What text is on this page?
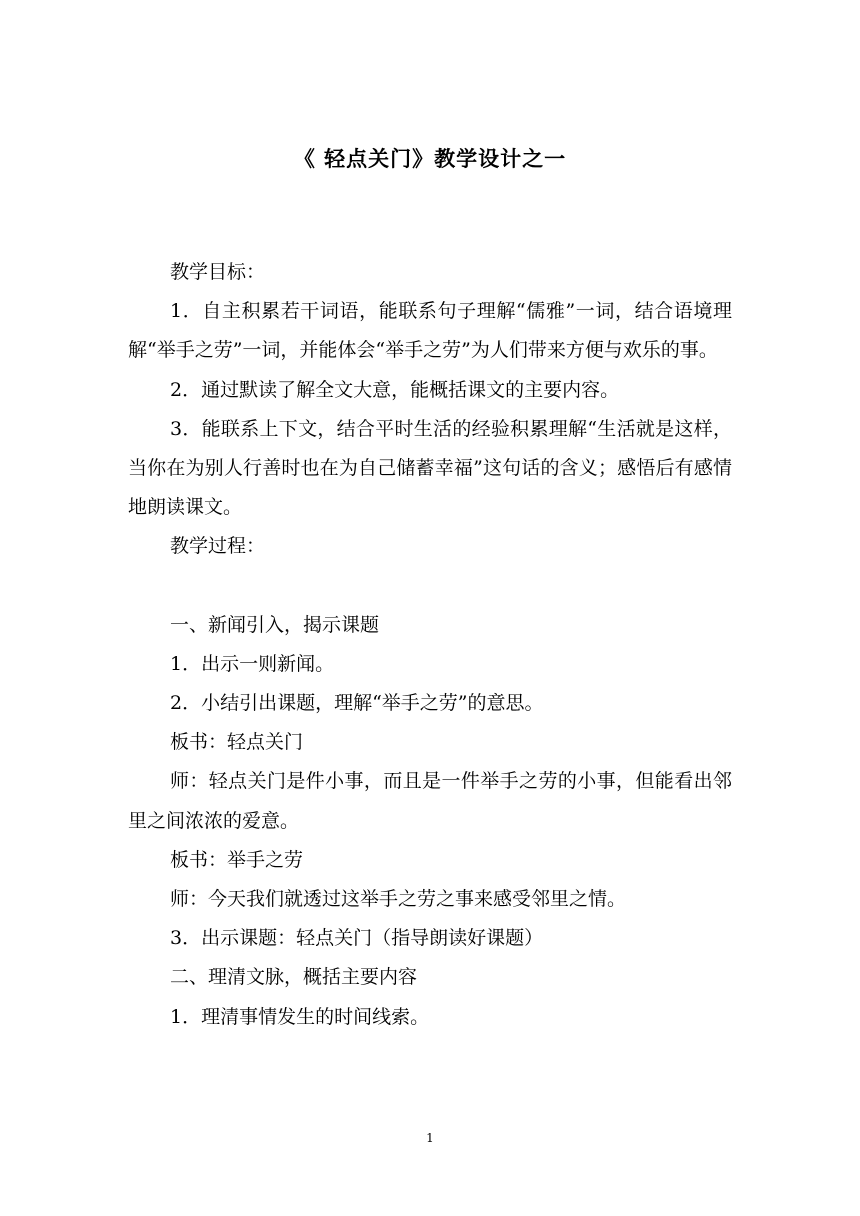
《 轻点关门》教学设计之一

教学目标：

1．自主积累若干词语，能联系句子理解“儒雅”一词，结合语境理解“举手之劳”一词，并能体会“举手之劳”为人们带来方便与欢乐的事。

2．通过默读了解全文大意，能概括课文的主要内容。

3．能联系上下文，结合平时生活的经验积累理解“生活就是这样，当你在为别人行善时也在为自己储蓄幸福”这句话的含义；感悟后有感情地朗读课文。

教学过程：

一、新闻引入，揭示课题

1．出示一则新闻。

2．小结引出课题，理解“举手之劳”的意思。

板书：轻点关门

师：轻点关门是件小事，而且是一件举手之劳的小事，但能看出邻里之间浓浓的爱意。

板书：举手之劳

师：今天我们就透过这举手之劳之事来感受邻里之情。

3．出示课题：轻点关门（指导朗读好课题）

二、理清文脉，概括主要内容

1．理清事情发生的时间线索。

1
